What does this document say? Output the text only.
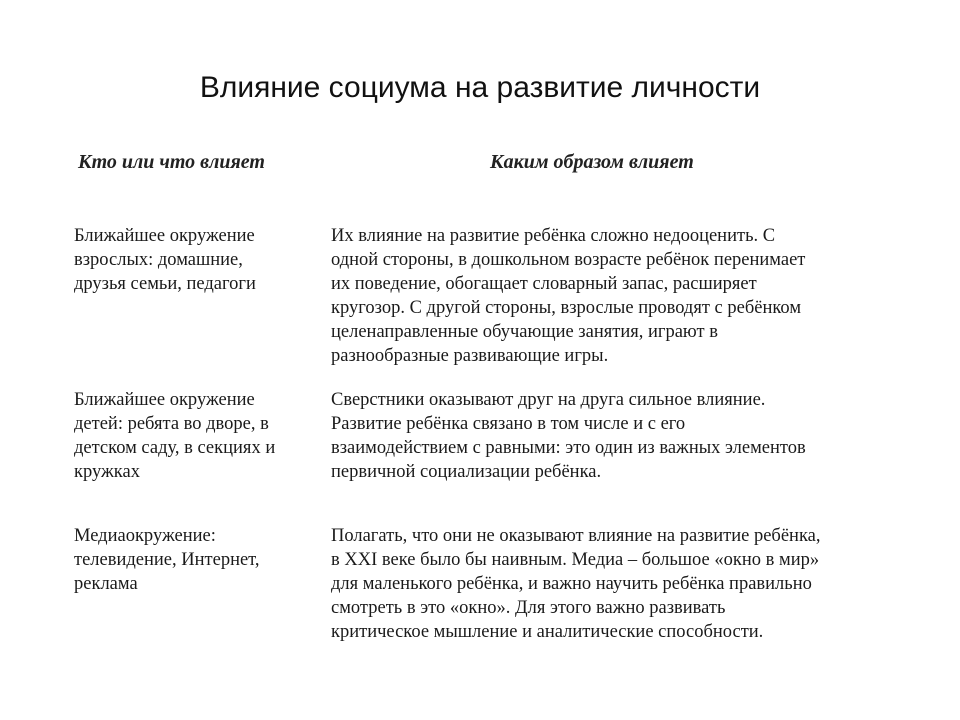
Влияние социума на развитие личности
Кто или что влияет	Каким образом влияет
Ближайшее окружение
взрослых: домашние,
друзья семьи, педагоги
Их влияние на развитие ребёнка сложно недооценить. С
одной стороны, в дошкольном возрасте ребёнок перенимает
их поведение, обогащает словарный запас, расширяет
кругозор. С другой стороны, взрослые проводят с ребёнком
целенаправленные обучающие занятия, играют в
разнообразные развивающие игры.
Ближайшее окружение
детей: ребята во дворе, в
детском саду, в секциях и
кружках
Сверстники оказывают друг на друга сильное влияние.
Развитие ребёнка связано в том числе и с его
взаимодействием с равными: это один из важных элементов
первичной социализации ребёнка.
Медиаокружение:
телевидение, Интернет,
реклама
Полагать, что они не оказывают влияние на развитие ребёнка,
в XXI веке было бы наивным. Медиа – большое «окно в мир»
для маленького ребёнка, и важно научить ребёнка правильно
смотреть в это «окно». Для этого важно развивать
критическое мышление и аналитические способности.
